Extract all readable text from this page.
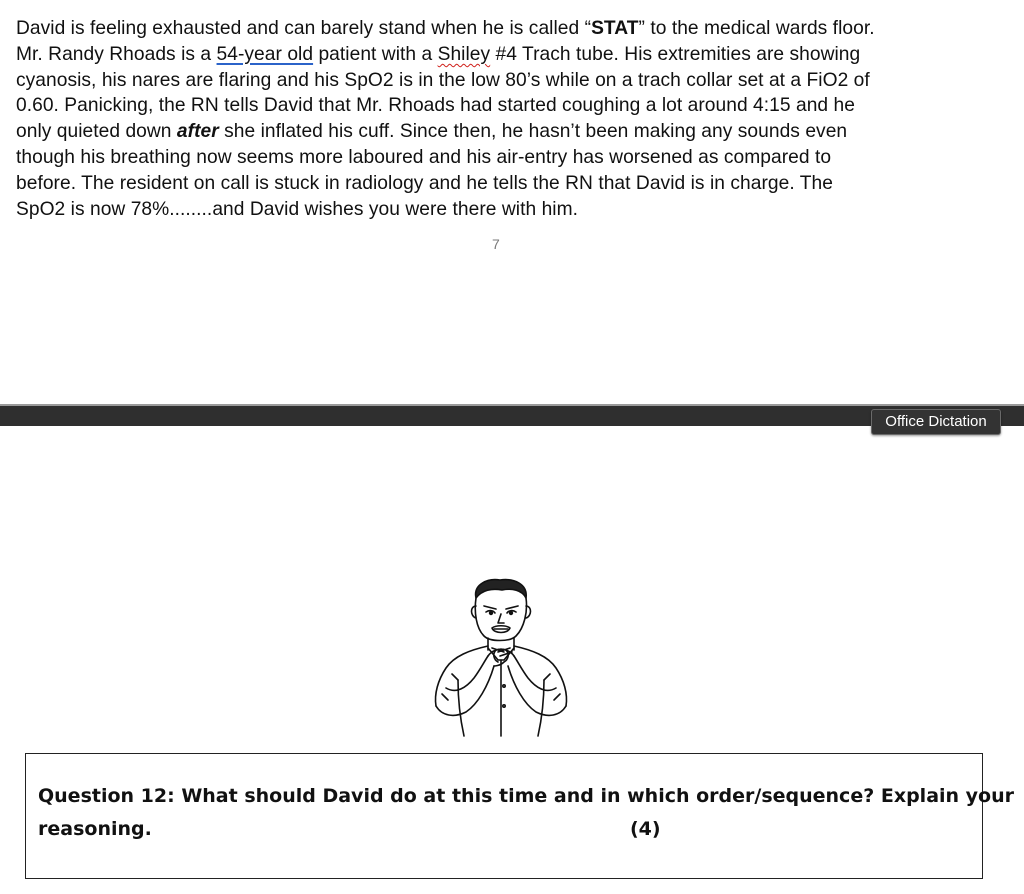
David is feeling exhausted and can barely stand when he is called “STAT” to the medical wards floor.
Mr. Randy Rhoads is a 54-year old patient with a Shiley #4 Trach tube. His extremities are showing
cyanosis, his nares are flaring and his SpO2 is in the low 80’s while on a trach collar set at a FiO2 of
0.60. Panicking, the RN tells David that Mr. Rhoads had started coughing a lot around 4:15 and he
only quieted down after she inflated his cuff. Since then, he hasn’t been making any sounds even
though his breathing now seems more laboured and his air-entry has worsened as compared to
before. The resident on call is stuck in radiology and he tells the RN that David is in charge. The
SpO2 is now 78%........and David wishes you were there with him.
7
Office Dictation
Question 12: What should David do at this time and in which order/sequence? Explain your
reasoning.	(4)
